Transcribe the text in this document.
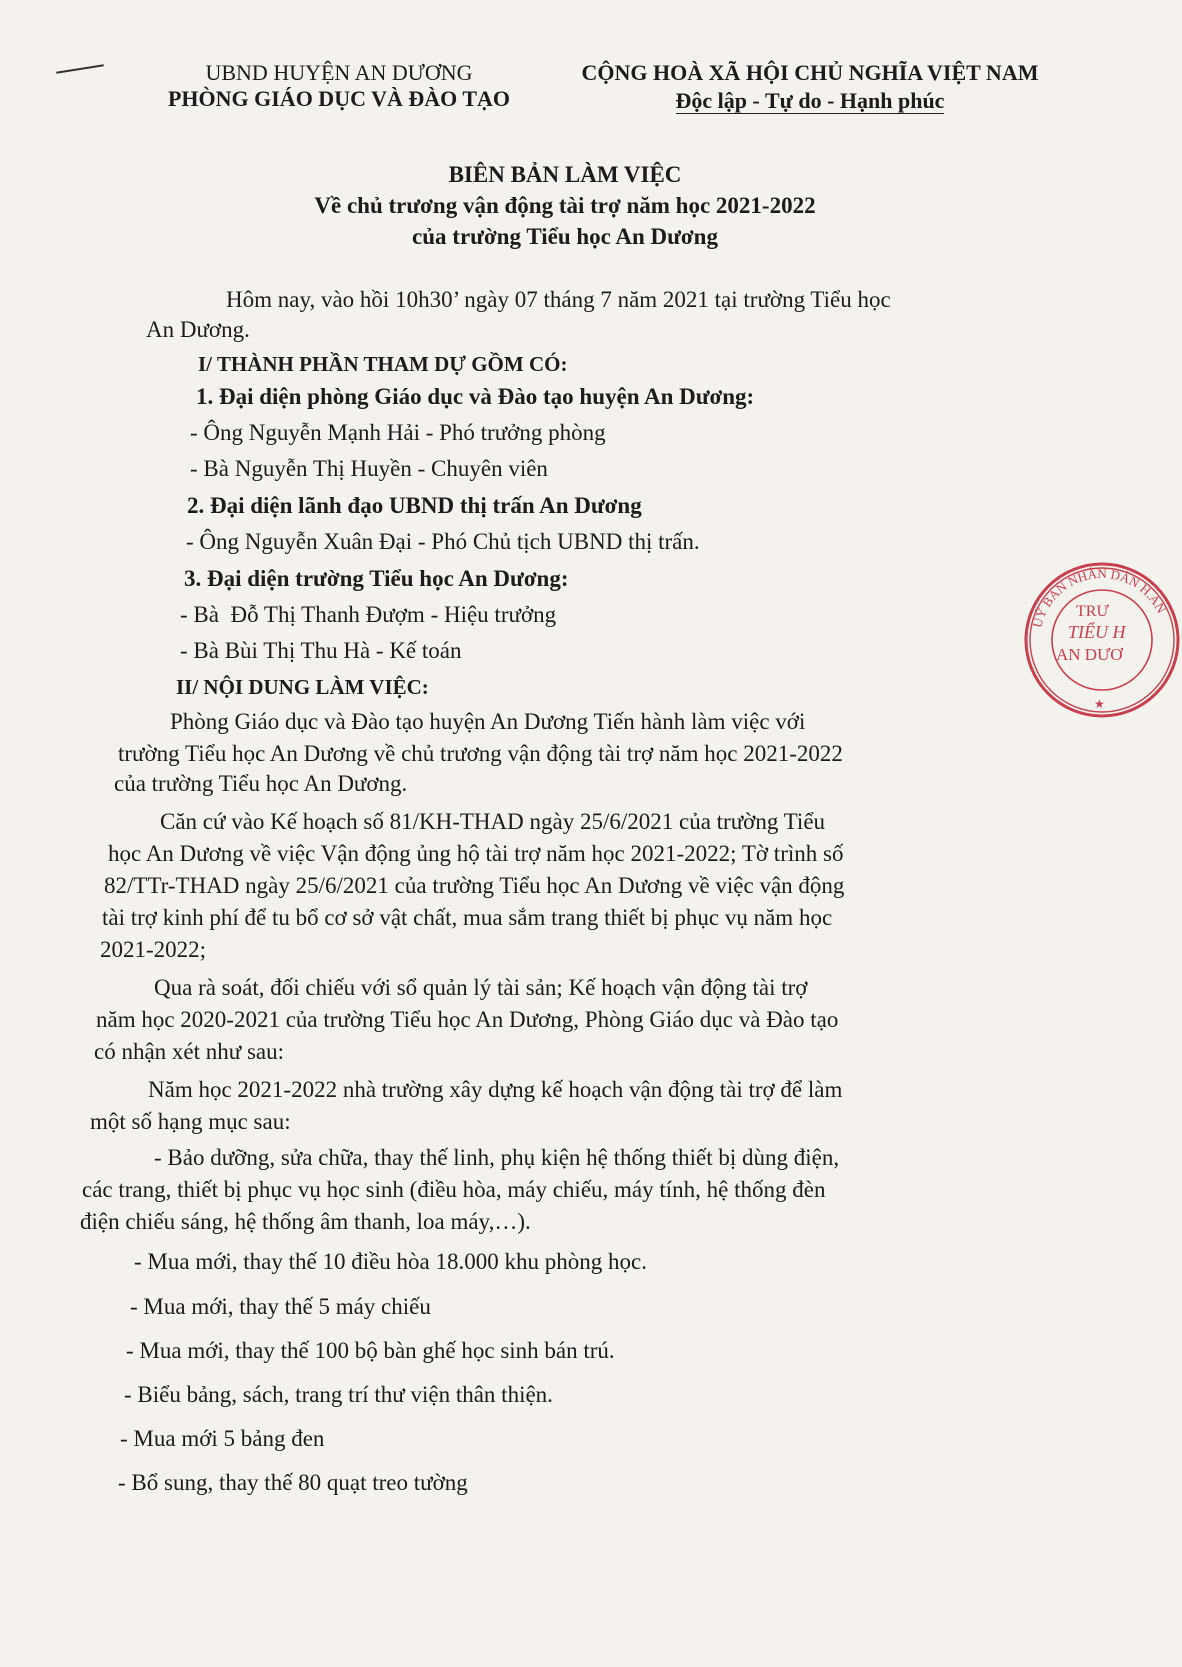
UBND HUYỆN AN DƯƠNG
PHÒNG GIÁO DỤC VÀ ĐÀO TẠO
CỘNG HOÀ XÃ HỘI CHỦ NGHĨA VIỆT NAM
Độc lập - Tự do - Hạnh phúc
BIÊN BẢN LÀM VIỆC
Về chủ trương vận động tài trợ năm học 2021-2022
của trường Tiểu học An Dương
Hôm nay, vào hồi 10h30’ ngày 07 tháng 7 năm 2021 tại trường Tiểu học
An Dương.
I/ THÀNH PHẦN THAM DỰ GỒM CÓ:
1. Đại diện phòng Giáo dục và Đào tạo huyện An Dương:
- Ông Nguyễn Mạnh Hải - Phó trưởng phòng
- Bà Nguyễn Thị Huyền - Chuyên viên
2. Đại diện lãnh đạo UBND thị trấn An Dương
- Ông Nguyễn Xuân Đại - Phó Chủ tịch UBND thị trấn.
3. Đại diện trường Tiểu học An Dương:
- Bà  Đỗ Thị Thanh Đượm - Hiệu trưởng
- Bà Bùi Thị Thu Hà - Kế toán
II/ NỘI DUNG LÀM VIỆC:
Phòng Giáo dục và Đào tạo huyện An Dương Tiến hành làm việc với
trường Tiểu học An Dương về chủ trương vận động tài trợ năm học 2021-2022
của trường Tiểu học An Dương.
Căn cứ vào Kế hoạch số 81/KH-THAD ngày 25/6/2021 của trường Tiểu
học An Dương về việc Vận động ủng hộ tài trợ năm học 2021-2022; Tờ trình số
82/TTr-THAD ngày 25/6/2021 của trường Tiểu học An Dương về việc vận động
tài trợ kinh phí để tu bổ cơ sở vật chất, mua sắm trang thiết bị phục vụ năm học
2021-2022;
Qua rà soát, đối chiếu với sổ quản lý tài sản; Kế hoạch vận động tài trợ
năm học 2020-2021 của trường Tiểu học An Dương, Phòng Giáo dục và Đào tạo
có nhận xét như sau:
Năm học 2021-2022 nhà trường xây dựng kế hoạch vận động tài trợ để làm
một số hạng mục sau:
- Bảo dưỡng, sửa chữa, thay thế linh, phụ kiện hệ thống thiết bị dùng điện,
các trang, thiết bị phục vụ học sinh (điều hòa, máy chiếu, máy tính, hệ thống đèn
điện chiếu sáng, hệ thống âm thanh, loa máy,…).
- Mua mới, thay thế 10 điều hòa 18.000 khu phòng học.
- Mua mới, thay thế 5 máy chiếu
- Mua mới, thay thế 100 bộ bàn ghế học sinh bán trú.
- Biểu bảng, sách, trang trí thư viện thân thiện.
- Mua mới 5 bảng đen
- Bổ sung, thay thế 80 quạt treo tường
UỶ BAN NHÂN DÂN H.AN
TRƯ
TIỂU H
AN DƯƠ
★
